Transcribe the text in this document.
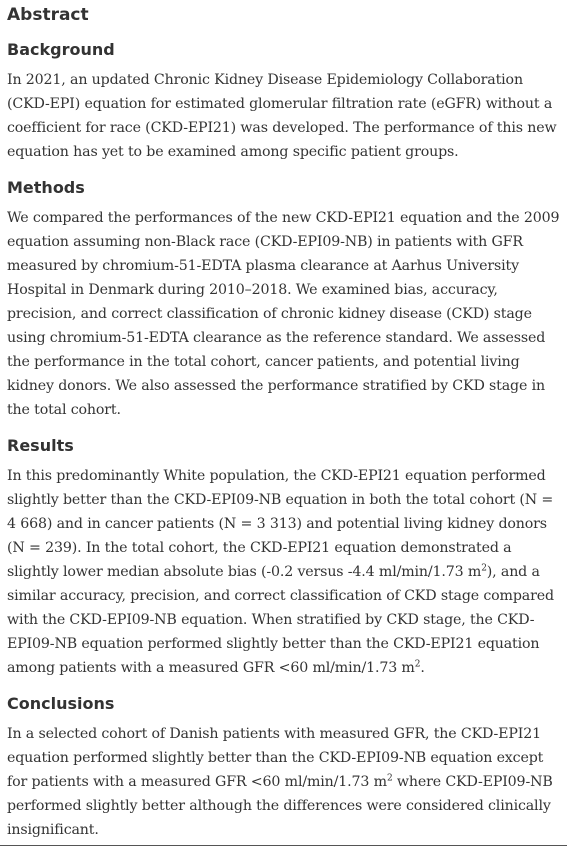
Abstract
Background

In 2021, an updated Chronic Kidney Disease Epidemiology Collaboration (CKD-EPI) equation for estimated glomerular filtration rate (eGFR) without a coefficient for race (CKD-EPI21) was developed. The performance of this new equation has yet to be examined among specific patient groups.

Methods

We compared the performances of the new CKD-EPI21 equation and the 2009 equation assuming non-Black race (CKD-EPI09-NB) in patients with GFR measured by chromium-51-EDTA plasma clearance at Aarhus University Hospital in Denmark during 2010–2018. We examined bias, accuracy, precision, and correct classification of chronic kidney disease (CKD) stage using chromium-51-EDTA clearance as the reference standard. We assessed the performance in the total cohort, cancer patients, and potential living kidney donors. We also assessed the performance stratified by CKD stage in the total cohort.

Results

In this predominantly White population, the CKD-EPI21 equation performed slightly better than the CKD-EPI09-NB equation in both the total cohort (N = 4 668) and in cancer patients (N = 3 313) and potential living kidney donors (N = 239). In the total cohort, the CKD-EPI21 equation demonstrated a slightly lower median absolute bias (-0.2 versus -4.4 ml/min/1.73 $m^2$), and a similar accuracy, precision, and correct classification of CKD stage compared with the CKD-EPI09-NB equation. When stratified by CKD stage, the CKD-EPI09-NB equation performed slightly better than the CKD-EPI21 equation among patients with a measured GFR <60 ml/min/1.73 $m^2$.

Conclusions

In a selected cohort of Danish patients with measured GFR, the CKD-EPI21 equation performed slightly better than the CKD-EPI09-NB equation except for patients with a measured GFR <60 ml/min/1.73 $m^2$ where CKD-EPI09-NB performed slightly better although the differences were considered clinically insignificant.
